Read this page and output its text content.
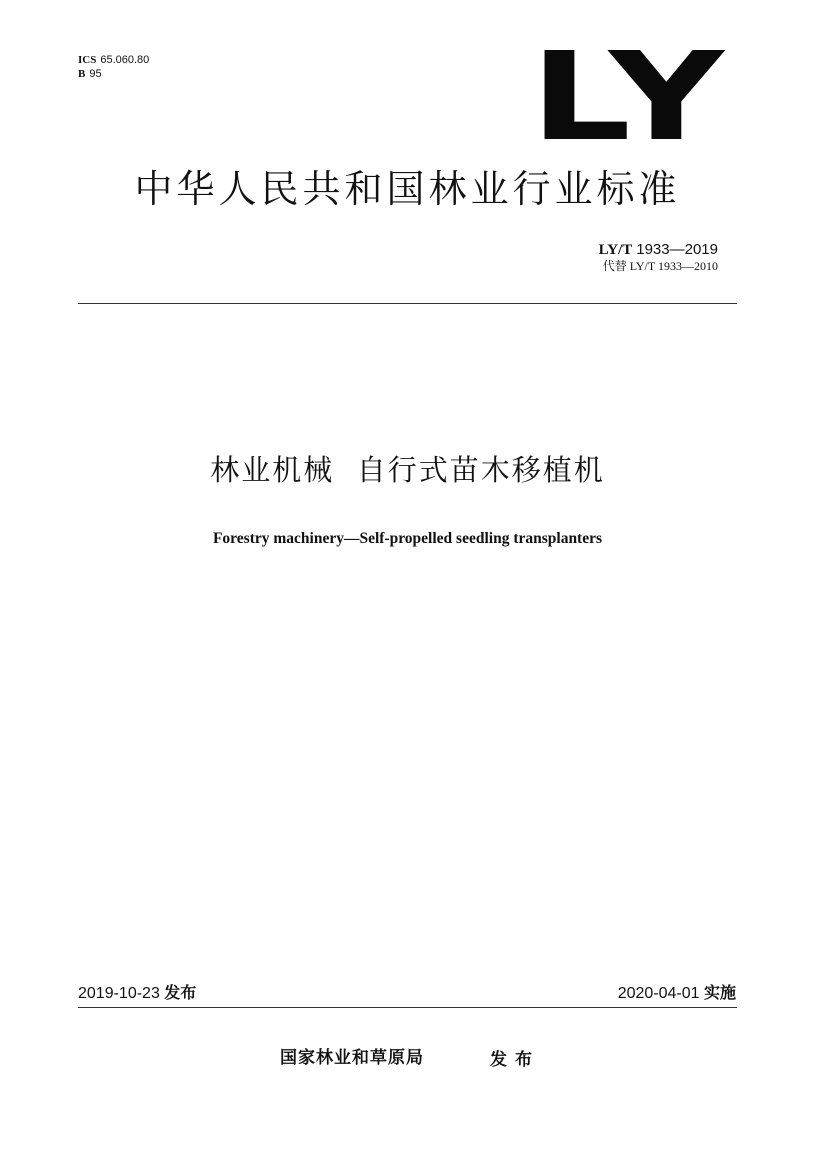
ICS 65.060.80
B 95	LY
中华人民共和国林业行业标准
LY/T 1933—2019
代替 LY/T 1933—2010
林业机械  自行式苗木移植机
Forestry machinery—Self-propelled seedling transplanters
2019-10-23 发布	2020-04-01 实施
国家林业和草原局	发布
